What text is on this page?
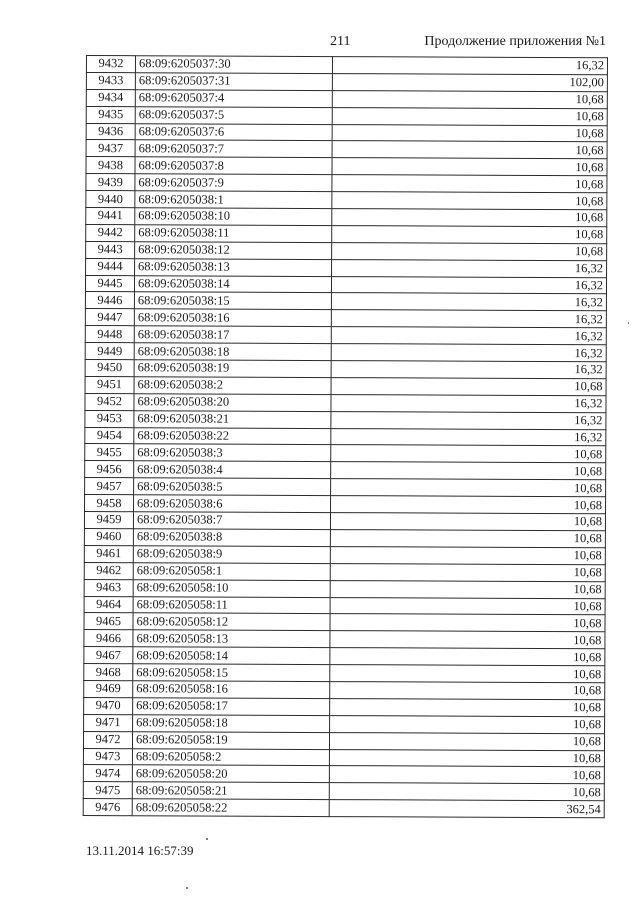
211	Продолжение приложения №1
9432	68:09:6205037:30	16,32
9433	68:09:6205037:31	102,00
9434	68:09:6205037:4	10,68
9435	68:09:6205037:5	10,68
9436	68:09:6205037:6	10,68
9437	68:09:6205037:7	10,68
9438	68:09:6205037:8	10,68
9439	68:09:6205037:9	10,68
9440	68:09:6205038:1	10,68
9441	68:09:6205038:10	10,68
9442	68:09:6205038:11	10,68
9443	68:09:6205038:12	10,68
9444	68:09:6205038:13	16,32
9445	68:09:6205038:14	16,32
9446	68:09:6205038:15	16,32
9447	68:09:6205038:16	16,32
9448	68:09:6205038:17	16,32
9449	68:09:6205038:18	16,32
9450	68:09:6205038:19	16,32
9451	68:09:6205038:2	10,68
9452	68:09:6205038:20	16,32
9453	68:09:6205038:21	16,32
9454	68:09:6205038:22	16,32
9455	68:09:6205038:3	10,68
9456	68:09:6205038:4	10,68
9457	68:09:6205038:5	10,68
9458	68:09:6205038:6	10,68
9459	68:09:6205038:7	10,68
9460	68:09:6205038:8	10,68
9461	68:09:6205038:9	10,68
9462	68:09:6205058:1	10,68
9463	68:09:6205058:10	10,68
9464	68:09:6205058:11	10,68
9465	68:09:6205058:12	10,68
9466	68:09:6205058:13	10,68
9467	68:09:6205058:14	10,68
9468	68:09:6205058:15	10,68
9469	68:09:6205058:16	10,68
9470	68:09:6205058:17	10,68
9471	68:09:6205058:18	10,68
9472	68:09:6205058:19	10,68
9473	68:09:6205058:2	10,68
9474	68:09:6205058:20	10,68
9475	68:09:6205058:21	10,68
9476	68:09:6205058:22	362,54
13.11.2014 16:57:39
